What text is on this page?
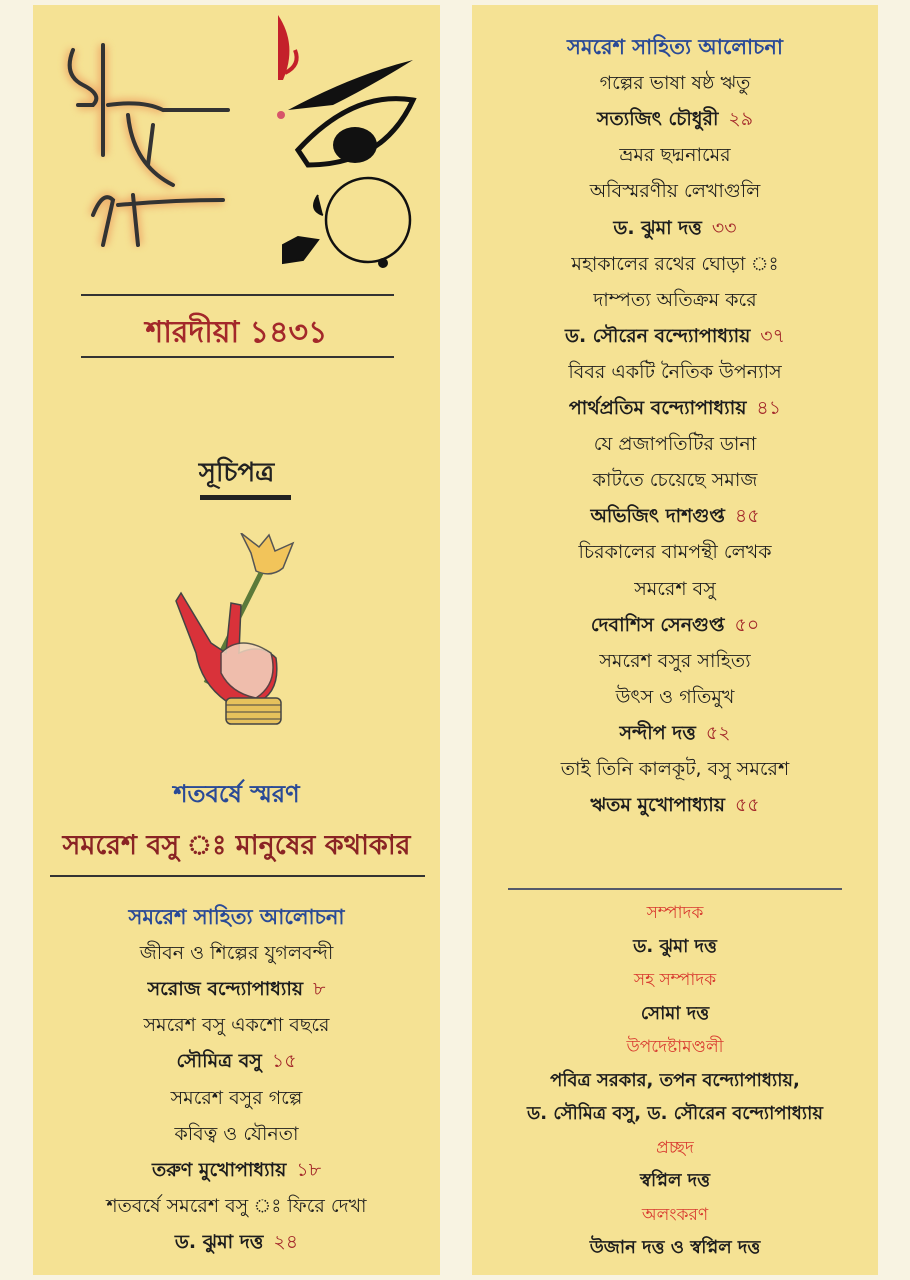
শারদীয়া ১৪৩১
সূচিপত্র
শতবর্ষে স্মরণ
সমরেশ বসু ঃ মানুষের কথাকার
সমরেশ সাহিত্য আলোচনা
জীবন ও শিল্পের যুগলবন্দী
সরোজ বন্দ্যোপাধ্যায় ৮
সমরেশ বসু একশো বছরে
সৌমিত্র বসু ১৫
সমরেশ বসুর গল্পে
কবিত্ব ও যৌনতা
তরুণ মুখোপাধ্যায় ১৮
শতবর্ষে সমরেশ বসু ঃ ফিরে দেখা
ড. ঝুমা দত্ত ২৪
সমরেশ সাহিত্য আলোচনা
গল্পের ভাষা ষষ্ঠ ঋতু
সত্যজিৎ চৌধুরী ২৯
ভ্রমর ছদ্মনামের
অবিস্মরণীয় লেখাগুলি
ড. ঝুমা দত্ত ৩৩
মহাকালের রথের ঘোড়া ঃ
দাম্পত্য অতিক্রম করে
ড. সৌরেন বন্দ্যোপাধ্যায় ৩৭
বিবর একটি নৈতিক উপন্যাস
পার্থপ্রতিম বন্দ্যোপাধ্যায় ৪১
যে প্রজাপতিটির ডানা
কাটতে চেয়েছে সমাজ
অভিজিৎ দাশগুপ্ত ৪৫
চিরকালের বামপন্থী লেখক
সমরেশ বসু
দেবাশিস সেনগুপ্ত ৫০
সমরেশ বসুর সাহিত্য
উৎস ও গতিমুখ
সন্দীপ দত্ত ৫২
তাই তিনি কালকূট, বসু সমরেশ
ঋতম মুখোপাধ্যায় ৫৫
সম্পাদক
ড. ঝুমা দত্ত
সহ সম্পাদক
সোমা দত্ত
উপদেষ্টামণ্ডলী
পবিত্র সরকার, তপন বন্দ্যোপাধ্যায়,
ড. সৌমিত্র বসু, ড. সৌরেন বন্দ্যোপাধ্যায়
প্রচ্ছদ
স্বপ্নিল দত্ত
অলংকরণ
উজান দত্ত ও স্বপ্নিল দত্ত
